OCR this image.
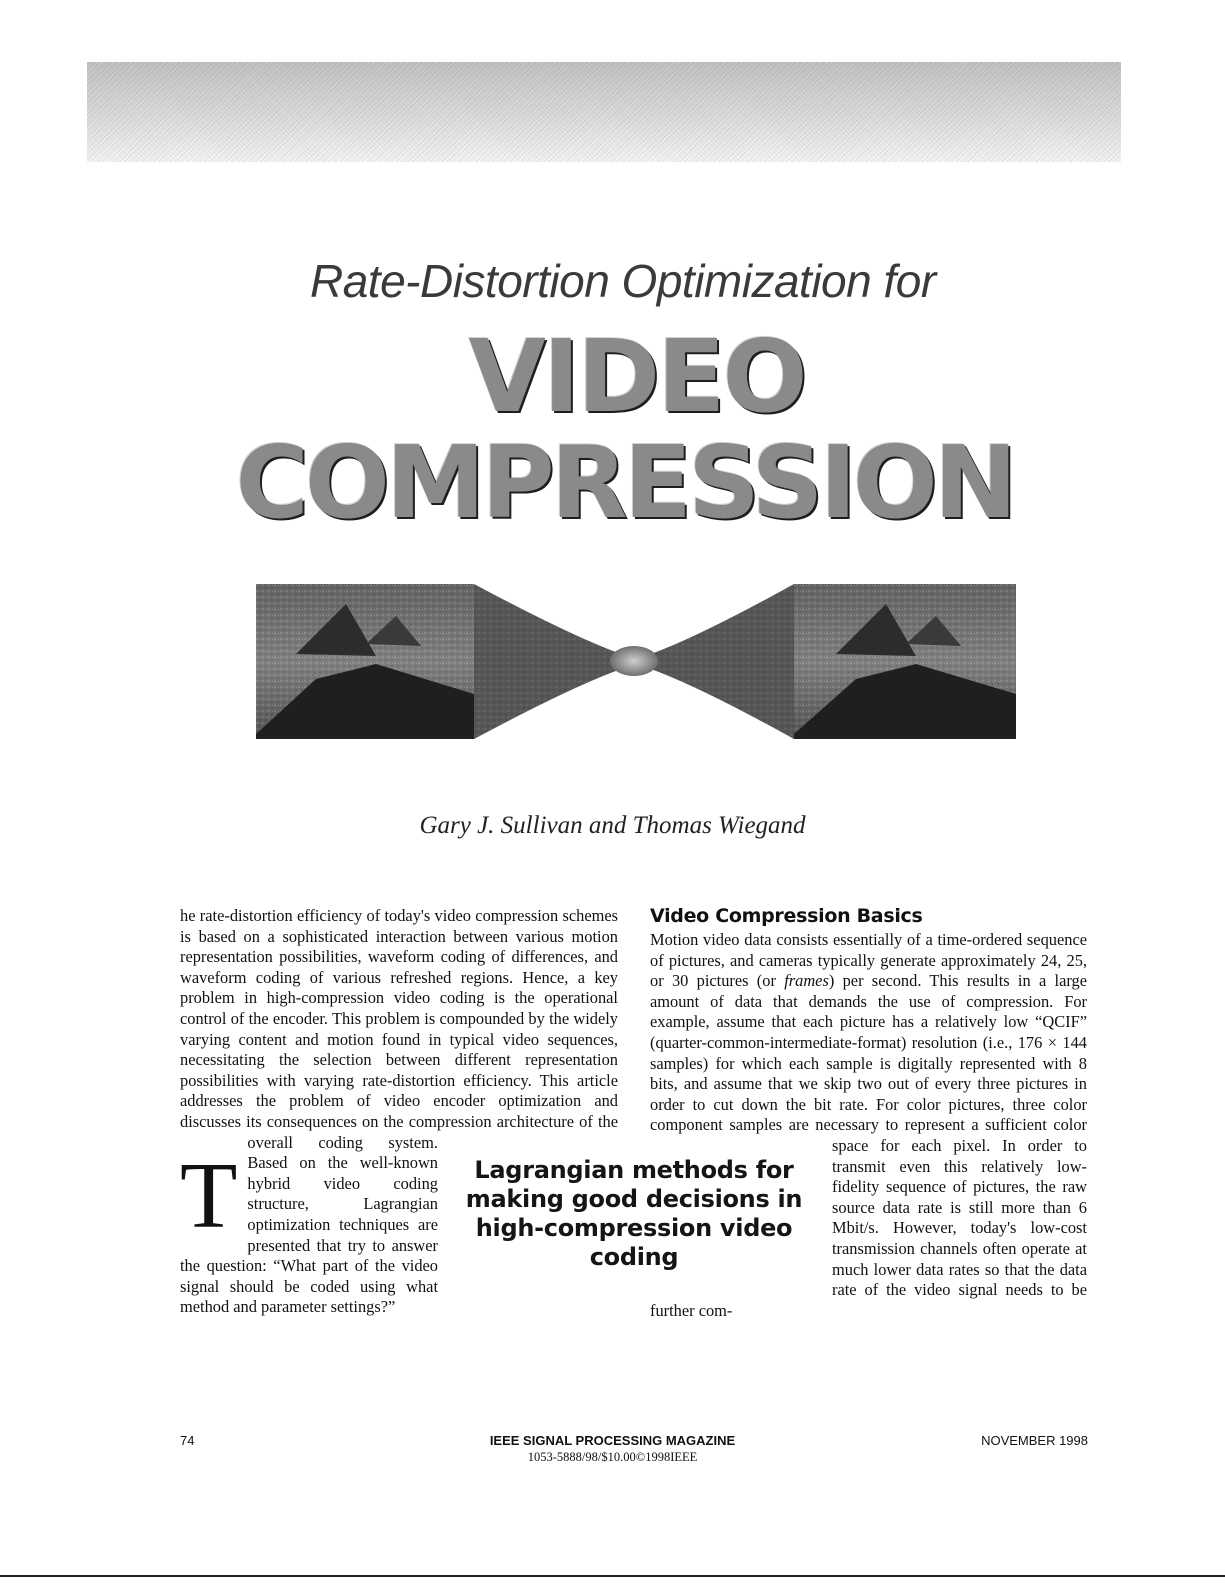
Rate-Distortion Optimization for
VIDEO
COMPRESSION
Gary J. Sullivan and Thomas Wiegand
T
he rate-distortion efficiency of today's video compression schemes is based on a sophisticated interaction between various motion representation possibilities, waveform coding of differences, and waveform coding of various refreshed regions. Hence, a key problem in high-compression video coding is the operational control of the encoder. This problem is compounded by the widely varying content and motion found in typical video sequences, necessitating the selection between different representation possibilities with varying rate-distortion efficiency. This article addresses the problem of video encoder optimization and discusses its consequences on the compression architecture of the overall coding system. Based on the well-known hybrid video coding structure, Lagrangian optimization techniques are presented that try to answer the question: “What part of the video signal should be coded using what method and parameter settings?”
Video Compression Basics
Motion video data consists essentially of a time-ordered sequence of pictures, and cameras typically generate approximately 24, 25, or 30 pictures (or frames) per second. This results in a large amount of data that demands the use of compression. For example, assume that each picture has a relatively low “QCIF” (quarter-common-intermediate-format) resolution (i.e., 176 × 144 samples) for which each sample is digitally represented with 8 bits, and assume that we skip two out of every three pictures in order to cut down the bit rate. For color pictures, three color component samples are necessary to represent a sufficient color space for each pixel. In order to transmit even this relatively low-fidelity sequence of pictures, the raw source data rate is still more than 6 Mbit/s. However, today's low-cost transmission channels often operate at much lower data rates so that the data rate of the video signal needs to be further com-
Lagrangian methods for making good decisions in high-compression video coding
74	IEEE SIGNAL PROCESSING MAGAZINE
1053-5888/98/$10.00©1998IEEE
NOVEMBER 1998
